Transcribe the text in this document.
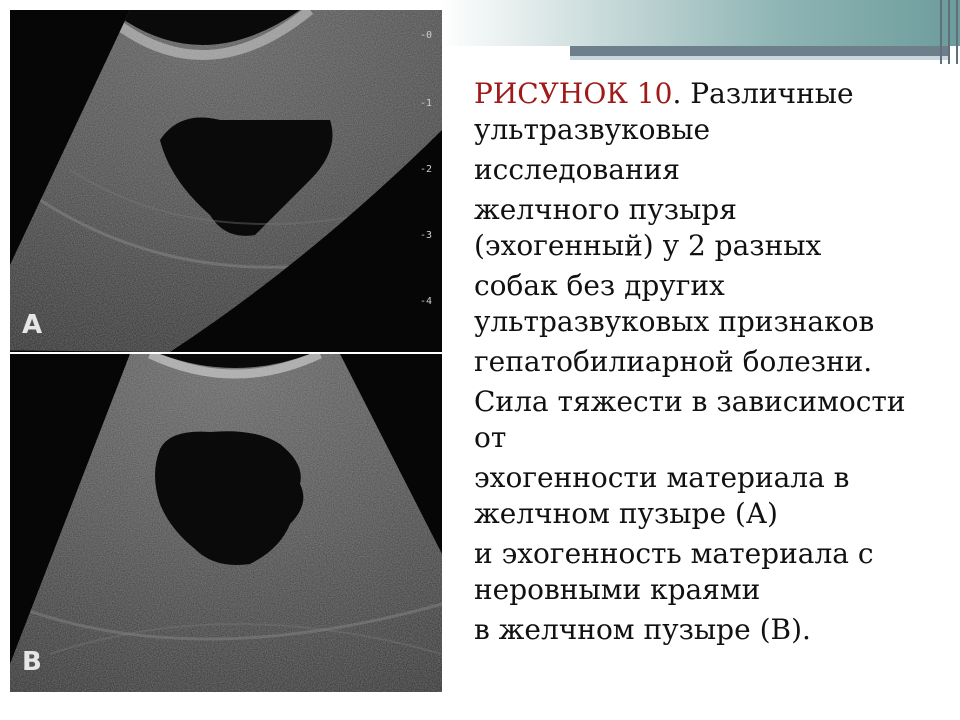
-0
-1
-2
-3
-4
A
B
РИСУНОК 10. Различные
ультразвуковые
исследования
желчного пузыря
(эхогенный) у 2 разных
собак без других
ультразвуковых признаков
гепатобилиарной болезни.
Сила тяжести в зависимости
от
эхогенности материала в
желчном пузыре (А)
и эхогенность материала с
неровными краями
в желчном пузыре (В).
